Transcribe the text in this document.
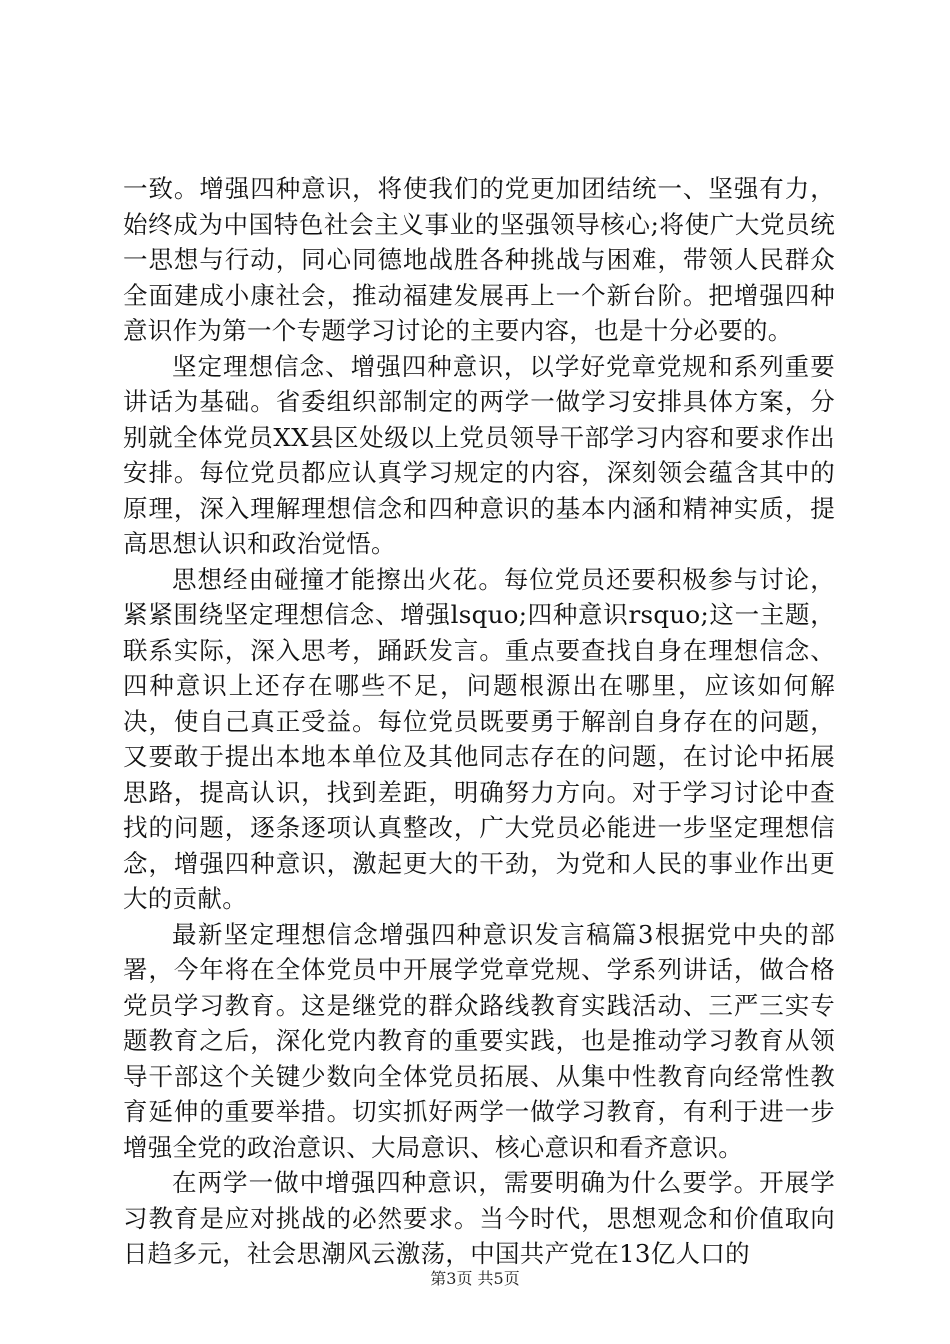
一致。增强四种意识，将使我们的党更加团结统一、坚强有力，始终成为中国特色社会主义事业的坚强领导核心;将使广大党员统一思想与行动，同心同德地战胜各种挑战与困难，带领人民群众全面建成小康社会，推动福建发展再上一个新台阶。把增强四种意识作为第一个专题学习讨论的主要内容，也是十分必要的。

坚定理想信念、增强四种意识，以学好党章党规和系列重要讲话为基础。省委组织部制定的两学一做学习安排具体方案，分别就全体党员XX县区处级以上党员领导干部学习内容和要求作出安排。每位党员都应认真学习规定的内容，深刻领会蕴含其中的原理，深入理解理想信念和四种意识的基本内涵和精神实质，提高思想认识和政治觉悟。

思想经由碰撞才能擦出火花。每位党员还要积极参与讨论，紧紧围绕坚定理想信念、增强lsquo;四种意识rsquo;这一主题，联系实际，深入思考，踊跃发言。重点要查找自身在理想信念、四种意识上还存在哪些不足，问题根源出在哪里，应该如何解决，使自己真正受益。每位党员既要勇于解剖自身存在的问题，又要敢于提出本地本单位及其他同志存在的问题，在讨论中拓展思路，提高认识，找到差距，明确努力方向。对于学习讨论中查找的问题，逐条逐项认真整改，广大党员必能进一步坚定理想信念，增强四种意识，激起更大的干劲，为党和人民的事业作出更大的贡献。

最新坚定理想信念增强四种意识发言稿篇3根据党中央的部署，今年将在全体党员中开展学党章党规、学系列讲话，做合格党员学习教育。这是继党的群众路线教育实践活动、三严三实专题教育之后，深化党内教育的重要实践，也是推动学习教育从领导干部这个关键少数向全体党员拓展、从集中性教育向经常性教育延伸的重要举措。切实抓好两学一做学习教育，有利于进一步增强全党的政治意识、大局意识、核心意识和看齐意识。

在两学一做中增强四种意识，需要明确为什么要学。开展学习教育是应对挑战的必然要求。当今时代，思想观念和价值取向日趋多元，社会思潮风云激荡，中国共产党在13亿人口的

第3页 共5页
